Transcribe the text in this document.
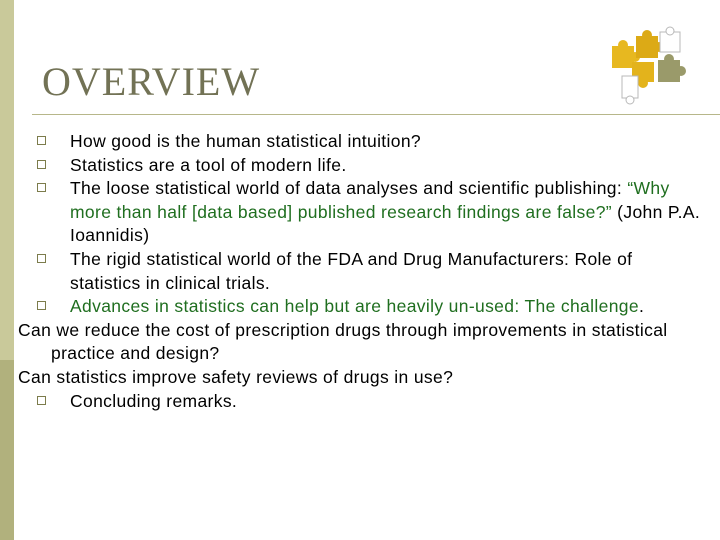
OVERVIEW
How good is the human statistical intuition?
Statistics are a tool of modern life.
The loose statistical world of data analyses and scientific publishing: “Why more than half [data based] published research findings are false?” (John P.A. Ioannidis)
The rigid statistical world of the FDA and Drug Manufacturers: Role of statistics in clinical trials.
Advances in statistics can help but are heavily un-used: The challenge.
Can we reduce the cost of prescription drugs through improvements in statistical practice and design?
Can statistics improve safety reviews of drugs in use?
Concluding remarks.
